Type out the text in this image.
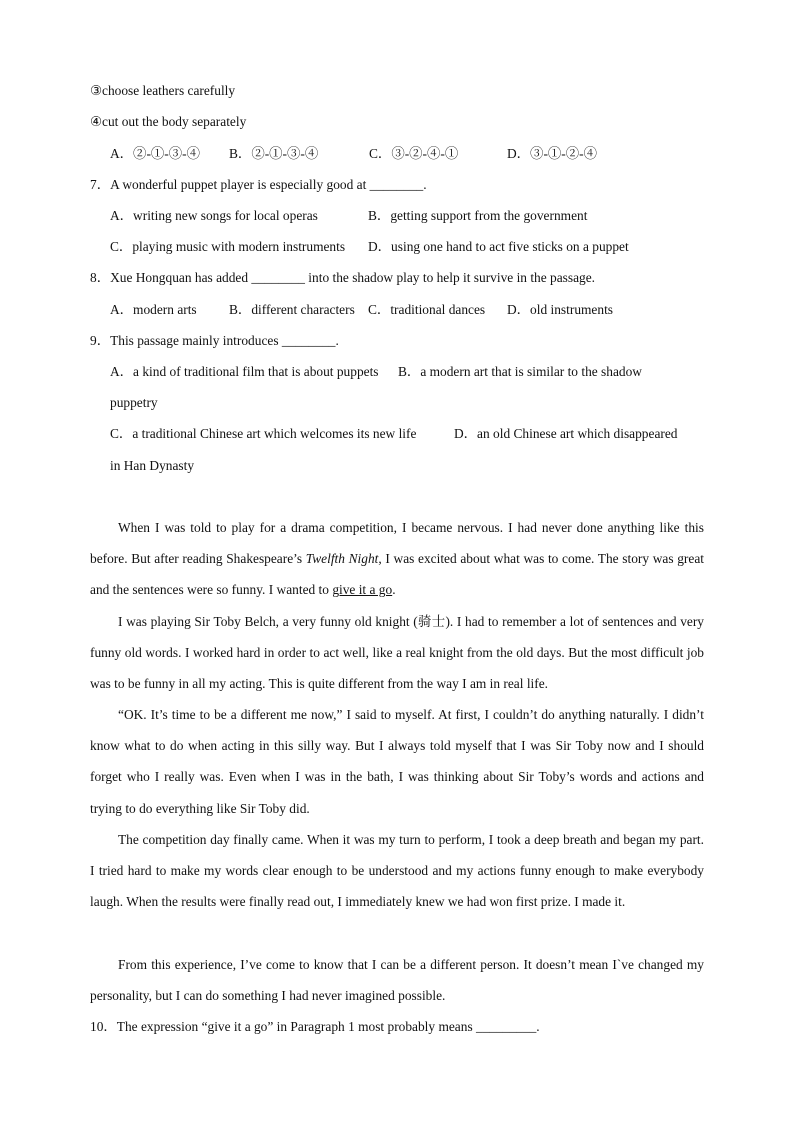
③choose leathers carefully
④cut out the body separately
A．②-①-③-④ B．②-①-③-④	C．③-②-④-①	D．③-①-②-④
7．A wonderful puppet player is especially good at ________.
A．writing new songs for local operas	B．getting support from the government
C．playing music with modern instruments D．using one hand to act five sticks on a puppet
8．Xue Hongquan has added ________ into the shadow play to help it survive in the passage.
A．modern arts B．different characters C．traditional dances D．old instruments
9．This passage mainly introduces ________.
A．a kind of traditional film that is about puppets B．a modern art that is similar to the shadow
puppetry
C．a traditional Chinese art which welcomes its new life	D．an old Chinese art which disappeared
in Han Dynasty
When I was told to play for a drama competition, I became nervous. I had never done anything like this before. But after reading Shakespeare’s Twelfth Night, I was excited about what was to come. The story was great and the sentences were so funny. I wanted to give it a go.
I was playing Sir Toby Belch, a very funny old knight (骑士). I had to remember a lot of sentences and very funny old words. I worked hard in order to act well, like a real knight from the old days. But the most difficult job was to be funny in all my acting. This is quite different from the way I am in real life.
“OK. It’s time to be a different me now,” I said to myself. At first, I couldn’t do anything naturally. I didn’t know what to do when acting in this silly way. But I always told myself that I was Sir Toby now and I should forget who I really was. Even when I was in the bath, I was thinking about Sir Toby’s words and actions and trying to do everything like Sir Toby did.
The competition day finally came. When it was my turn to perform, I took a deep breath and began my part. I tried hard to make my words clear enough to be understood and my actions funny enough to make everybody laugh. When the results were finally read out, I immediately knew we had won first prize. I made it.
From this experience, I’ve come to know that I can be a different person. It doesn’t mean I`ve changed my personality, but I can do something I had never imagined possible.
10．The expression “give it a go” in Paragraph 1 most probably means _________.
